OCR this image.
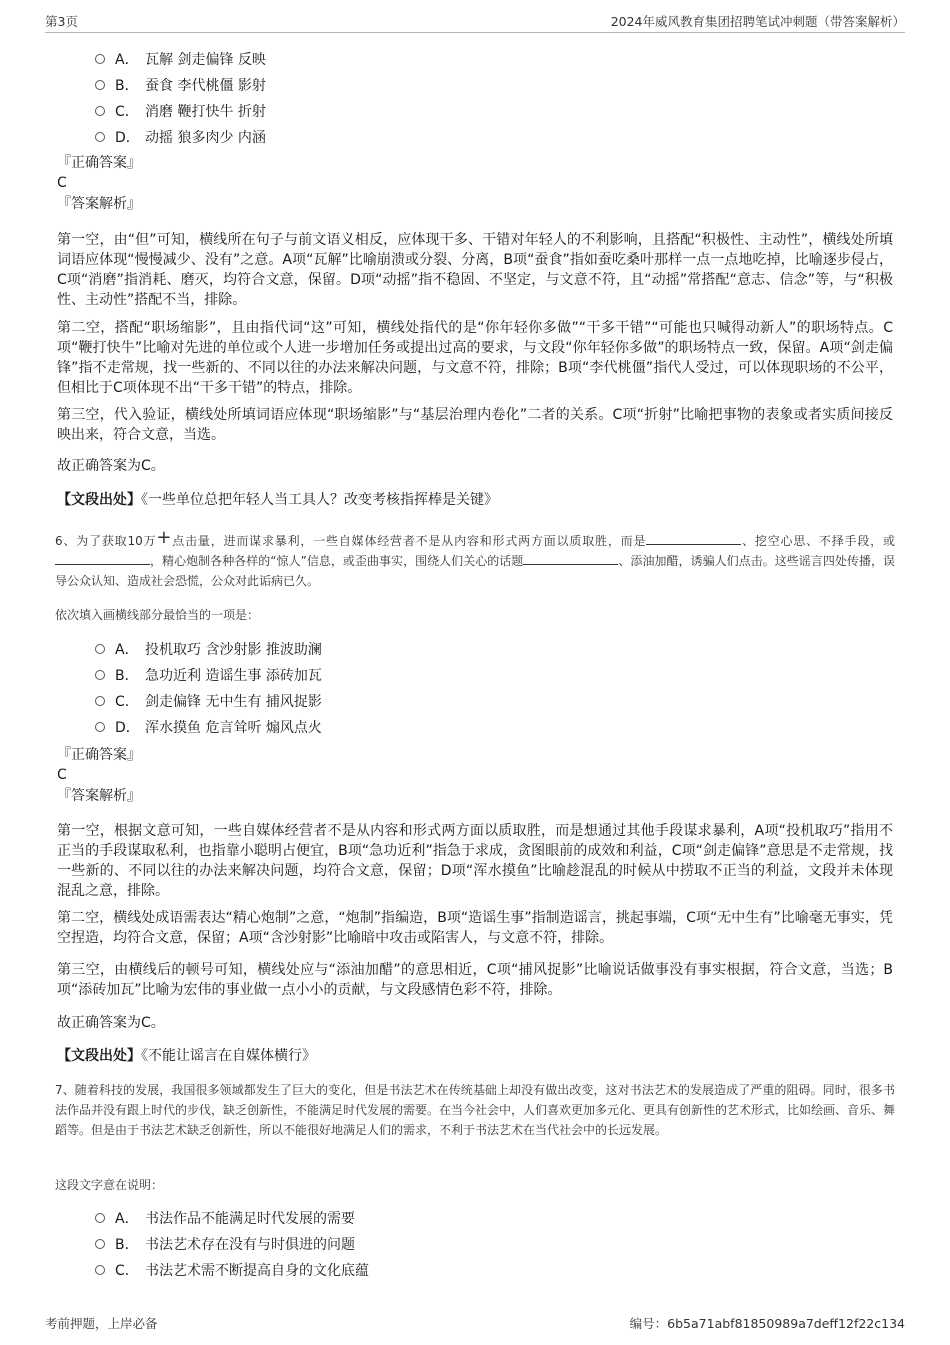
第3页	2024年威风教育集团招聘笔试冲刺题（带答案解析）
A． 瓦解 剑走偏锋 反映
B． 蚕食 李代桃僵 影射
C． 消磨 鞭打快牛 折射
D． 动摇 狼多肉少 内涵
『正确答案』
C
『答案解析』

第一空，由“但”可知，横线所在句子与前文语义相反，应体现干多、干错对年轻人的不利影响，且搭配“积极性、主动性”，横线处所填词语应体现“慢慢减少、没有”之意。A项“瓦解”比喻崩溃或分裂、分离，B项“蚕食”指如蚕吃桑叶那样一点一点地吃掉，比喻逐步侵占，C项“消磨”指消耗、磨灭，均符合文意，保留。D项“动摇”指不稳固、不坚定，与文意不符，且“动摇”常搭配“意志、信念”等，与“积极性、主动性”搭配不当，排除。

第二空，搭配“职场缩影”，且由指代词“这”可知，横线处指代的是“你年轻你多做”“干多干错”“可能也只喊得动新人”的职场特点。C项“鞭打快牛”比喻对先进的单位或个人进一步增加任务或提出过高的要求，与文段“你年轻你多做”的职场特点一致，保留。A项“剑走偏锋”指不走常规，找一些新的、不同以往的办法来解决问题，与文意不符，排除；B项“李代桃僵”指代人受过，可以体现职场的不公平，但相比于C项体现不出“干多干错”的特点，排除。

第三空，代入验证，横线处所填词语应体现“职场缩影”与“基层治理内卷化”二者的关系。C项“折射”比喻把事物的表象或者实质间接反映出来，符合文意，当选。

故正确答案为C。

【文段出处】《一些单位总把年轻人当工具人？改变考核指挥棒是关键》

6、为了获取10万+点击量，进而谋求暴利，一些自媒体经营者不是从内容和形式两方面以质取胜，而是	、挖空心思、不择手段，或，精心炮制各种各样的“惊人”信息，或歪曲事实，围绕人们关心的话题	、添油加醋，诱骗人们点击。这些谣言四处传播，误导公众认知、造成社会恐慌，公众对此诟病已久。

依次填入画横线部分最恰当的一项是：
A． 投机取巧 含沙射影 推波助澜
B． 急功近利 造谣生事 添砖加瓦
C． 剑走偏锋 无中生有 捕风捉影
D． 浑水摸鱼 危言耸听 煽风点火
『正确答案』
C
『答案解析』

第一空，根据文意可知，一些自媒体经营者不是从内容和形式两方面以质取胜，而是想通过其他手段谋求暴利，A项“投机取巧”指用不正当的手段谋取私利，也指靠小聪明占便宜，B项“急功近利”指急于求成，贪图眼前的成效和利益，C项“剑走偏锋”意思是不走常规，找一些新的、不同以往的办法来解决问题，均符合文意，保留；D项“浑水摸鱼”比喻趁混乱的时候从中捞取不正当的利益，文段并未体现混乱之意，排除。

第二空，横线处成语需表达“精心炮制”之意，“炮制”指编造，B项“造谣生事”指制造谣言，挑起事端，C项“无中生有”比喻毫无事实，凭空捏造，均符合文意，保留；A项“含沙射影”比喻暗中攻击或陷害人，与文意不符，排除。

第三空，由横线后的顿号可知，横线处应与“添油加醋”的意思相近，C项“捕风捉影”比喻说话做事没有事实根据，符合文意，当选；B项“添砖加瓦”比喻为宏伟的事业做一点小小的贡献，与文段感情色彩不符，排除。

故正确答案为C。

【文段出处】《不能让谣言在自媒体横行》

7、随着科技的发展，我国很多领域都发生了巨大的变化，但是书法艺术在传统基础上却没有做出改变，这对书法艺术的发展造成了严重的阻碍。同时，很多书法作品并没有跟上时代的步伐，缺乏创新性，不能满足时代发展的需要。在当今社会中，人们喜欢更加多元化、更具有创新性的艺术形式，比如绘画、音乐、舞蹈等。但是由于书法艺术缺乏创新性，所以不能很好地满足人们的需求，不利于书法艺术在当代社会中的长远发展。

这段文字意在说明：
A． 书法作品不能满足时代发展的需要
B． 书法艺术存在没有与时俱进的问题
C． 书法艺术需不断提高自身的文化底蕴
考前押题，上岸必备	编号：6b5a71abf81850989a7deff12f22c134
